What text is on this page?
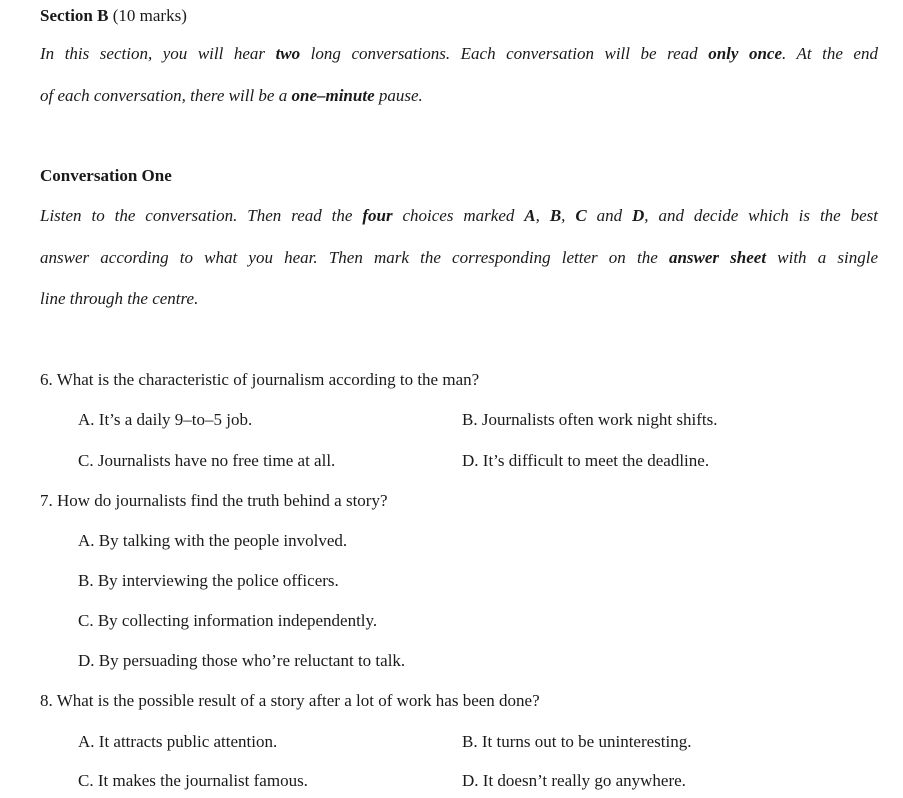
Section B (10 marks)
In this section, you will hear two long conversations. Each conversation will be read only once. At the end
of each conversation, there will be a one–minute pause.
Conversation One
Listen to the conversation. Then read the four choices marked A, B, C and D, and decide which is the best
answer according to what you hear. Then mark the corresponding letter on the answer sheet with a single
line through the centre.
6. What is the characteristic of journalism according to the man?
A. It’s a daily 9–to–5 job.	B. Journalists often work night shifts.
C. Journalists have no free time at all.	D. It’s difficult to meet the deadline.
7. How do journalists find the truth behind a story?
A. By talking with the people involved.
B. By interviewing the police officers.
C. By collecting information independently.
D. By persuading those who’re reluctant to talk.
8. What is the possible result of a story after a lot of work has been done?
A. It attracts public attention.	B. It turns out to be uninteresting.
C. It makes the journalist famous.	D. It doesn’t really go anywhere.
